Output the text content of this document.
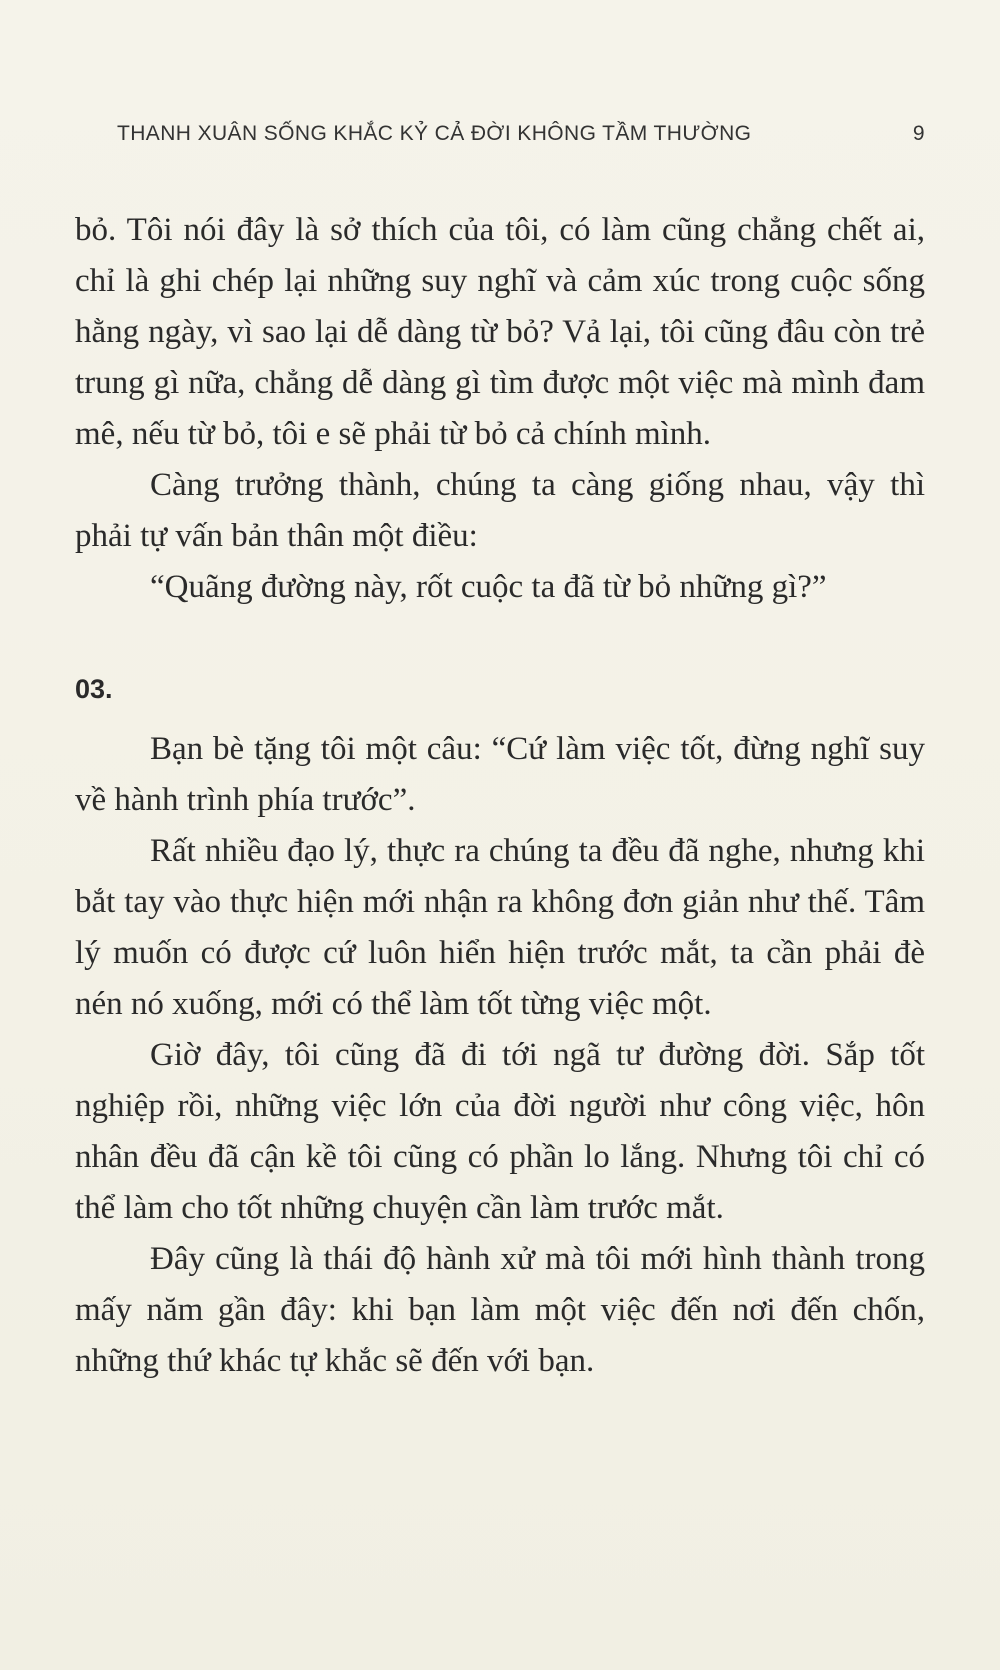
THANH XUÂN SỐNG KHẮC KỶ CẢ ĐỜI KHÔNG TẦM THƯỜNG	9

bỏ. Tôi nói đây là sở thích của tôi, có làm cũng chẳng chết ai, chỉ là ghi chép lại những suy nghĩ và cảm xúc trong cuộc sống hằng ngày, vì sao lại dễ dàng từ bỏ? Vả lại, tôi cũng đâu còn trẻ trung gì nữa, chẳng dễ dàng gì tìm được một việc mà mình đam mê, nếu từ bỏ, tôi e sẽ phải từ bỏ cả chính mình.

Càng trưởng thành, chúng ta càng giống nhau, vậy thì phải tự vấn bản thân một điều:

“Quãng đường này, rốt cuộc ta đã từ bỏ những gì?”

03.

Bạn bè tặng tôi một câu: “Cứ làm việc tốt, đừng nghĩ suy về hành trình phía trước”.

Rất nhiều đạo lý, thực ra chúng ta đều đã nghe, nhưng khi bắt tay vào thực hiện mới nhận ra không đơn giản như thế. Tâm lý muốn có được cứ luôn hiển hiện trước mắt, ta cần phải đè nén nó xuống, mới có thể làm tốt từng việc một.

Giờ đây, tôi cũng đã đi tới ngã tư đường đời. Sắp tốt nghiệp rồi, những việc lớn của đời người như công việc, hôn nhân đều đã cận kề tôi cũng có phần lo lắng. Nhưng tôi chỉ có thể làm cho tốt những chuyện cần làm trước mắt.

Đây cũng là thái độ hành xử mà tôi mới hình thành trong mấy năm gần đây: khi bạn làm một việc đến nơi đến chốn, những thứ khác tự khắc sẽ đến với bạn.
